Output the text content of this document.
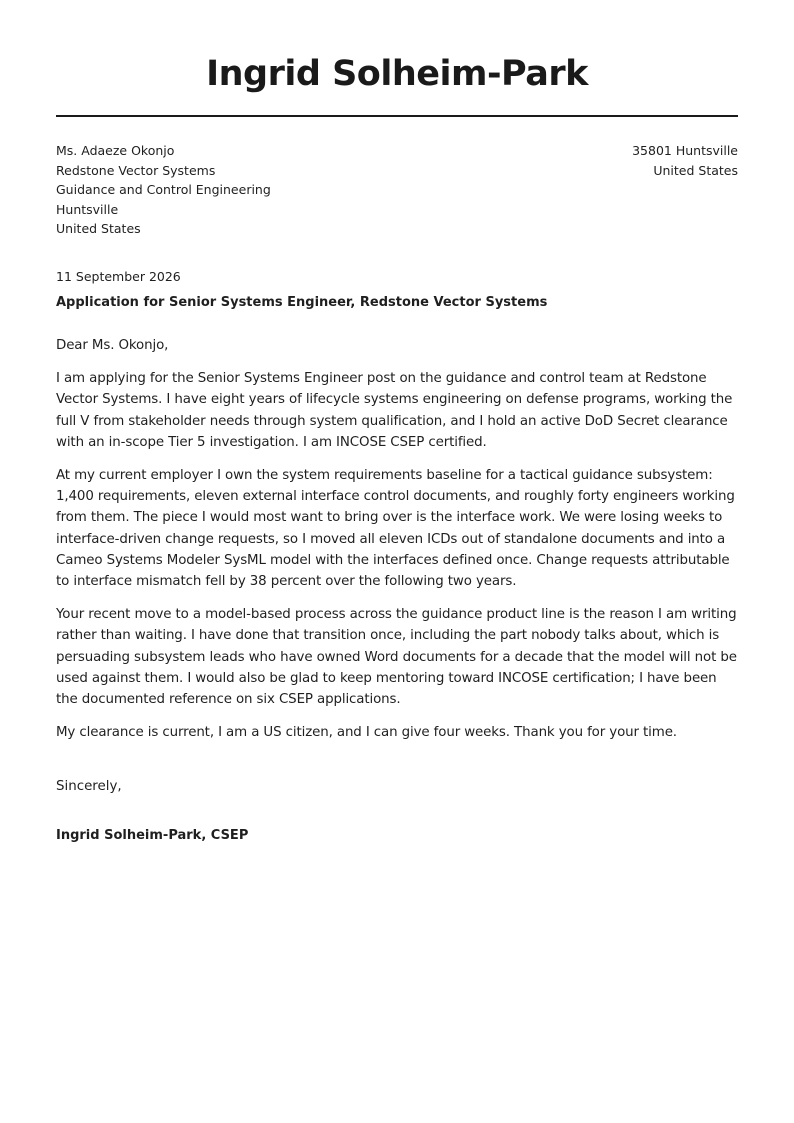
Ingrid Solheim-Park
Ms. Adaeze Okonjo
Redstone Vector Systems
Guidance and Control Engineering
Huntsville
United States
35801 Huntsville
United States
11 September 2026
Application for Senior Systems Engineer, Redstone Vector Systems

Dear Ms. Okonjo,

I am applying for the Senior Systems Engineer post on the guidance and control team at Redstone Vector Systems. I have eight years of lifecycle systems engineering on defense programs, working the full V from stakeholder needs through system qualification, and I hold an active DoD Secret clearance with an in-scope Tier 5 investigation. I am INCOSE CSEP certified.

At my current employer I own the system requirements baseline for a tactical guidance subsystem: 1,400 requirements, eleven external interface control documents, and roughly forty engineers working from them. The piece I would most want to bring over is the interface work. We were losing weeks to interface-driven change requests, so I moved all eleven ICDs out of standalone documents and into a Cameo Systems Modeler SysML model with the interfaces defined once. Change requests attributable to interface mismatch fell by 38 percent over the following two years.

Your recent move to a model-based process across the guidance product line is the reason I am writing rather than waiting. I have done that transition once, including the part nobody talks about, which is persuading subsystem leads who have owned Word documents for a decade that the model will not be used against them. I would also be glad to keep mentoring toward INCOSE certification; I have been the documented reference on six CSEP applications.

My clearance is current, I am a US citizen, and I can give four weeks. Thank you for your time.

Sincerely,
Ingrid Solheim-Park, CSEP
